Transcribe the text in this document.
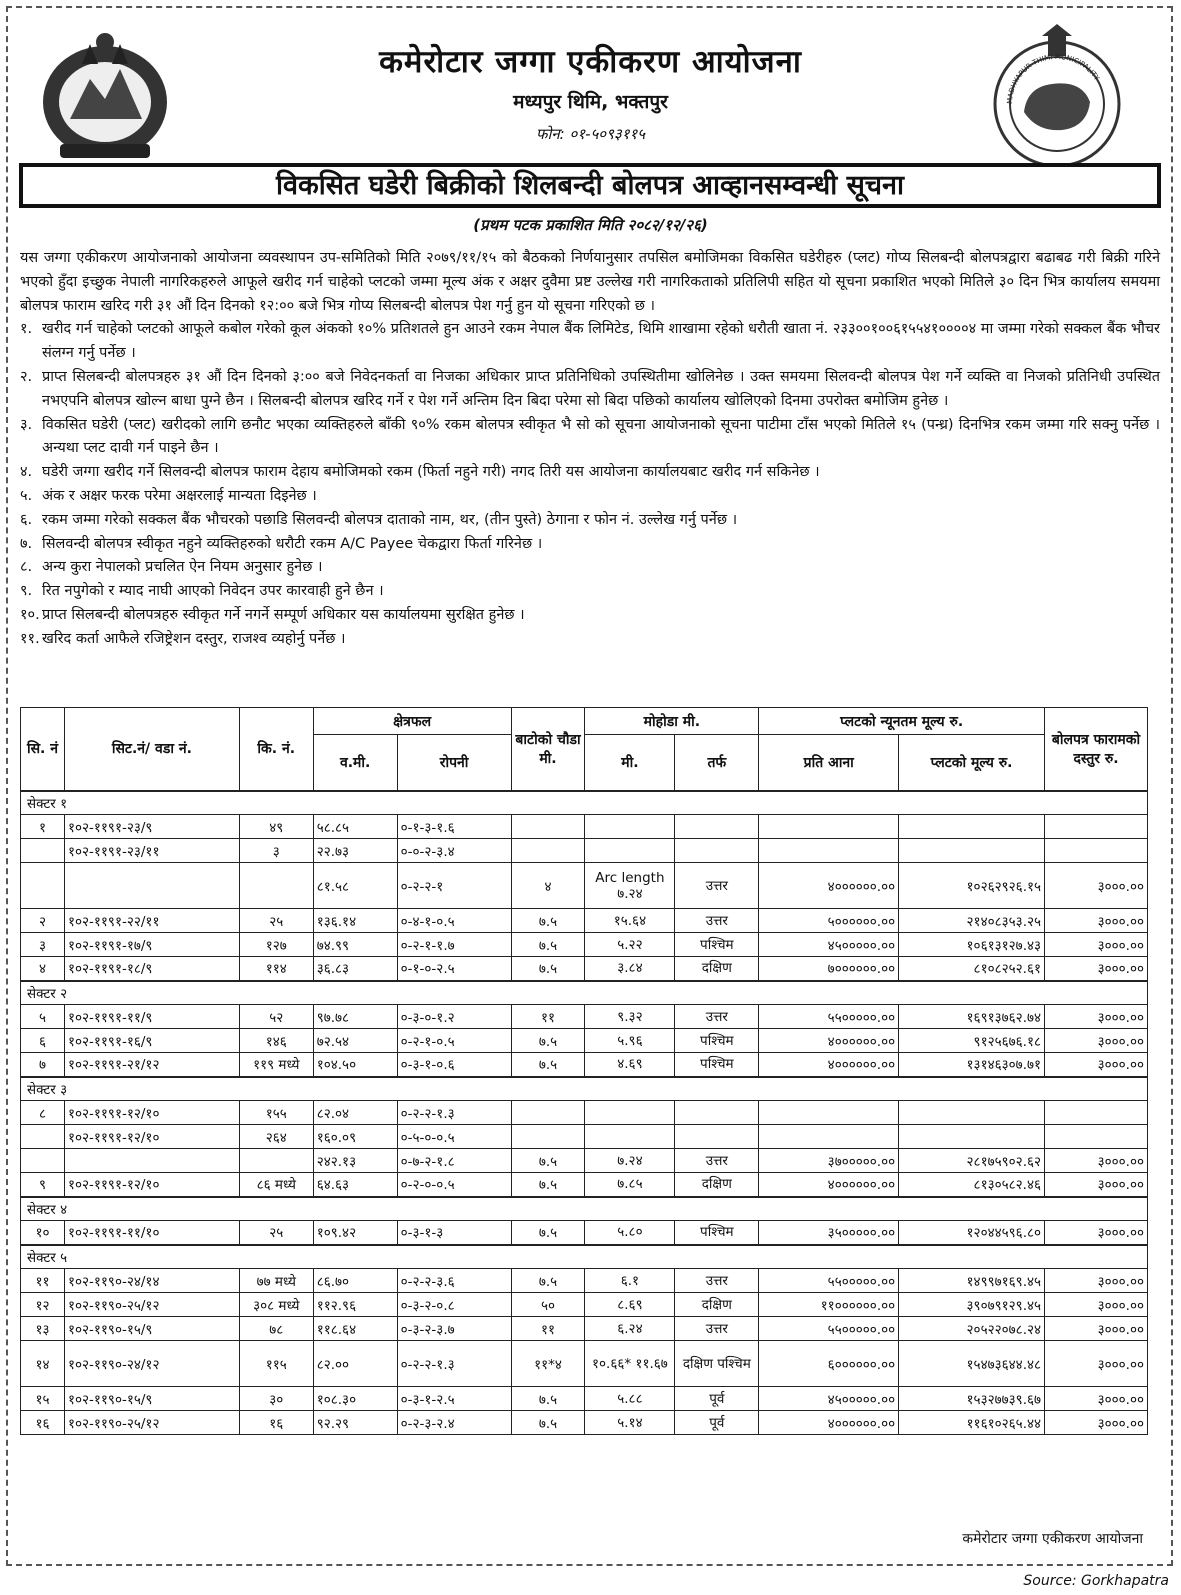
कमेरोटार जग्गा एकीकरण आयोजना
मध्यपुर थिमि, भक्तपुर
फोन: ०१-५०९३११५
MADHYAPUR THIMI MUNICIPALITY
विकसित घडेरी बिक्रीको शिलबन्दी बोलपत्र आव्हानसम्वन्धी सूचना
(प्रथम पटक प्रकाशित मिति २०८२/१२/२६)

यस जग्गा एकीकरण आयोजनाको आयोजना व्यवस्थापन उप-समितिको मिति २०७९/११/१५ को बैठकको निर्णयानुसार तपसिल बमोजिमका विकसित घडेरीहरु (प्लट) गोप्य सिलबन्दी बोलपत्रद्वारा बढाबढ गरी बिक्री गरिने भएको हुँदा इच्छुक नेपाली नागरिकहरुले आफूले खरीद गर्न चाहेको प्लटको जम्मा मूल्य अंक र अक्षर दुवैमा प्रष्ट उल्लेख गरी नागरिकताको प्रतिलिपी सहित यो सूचना प्रकाशित भएको मितिले ३० दिन भित्र कार्यालय समयमा बोलपत्र फाराम खरिद गरी ३१ औं दिन दिनको १२:०० बजे भित्र गोप्य सिलबन्दी बोलपत्र पेश गर्नु हुन यो सूचना गरिएको छ ।

१. खरीद गर्न चाहेको प्लटको आफूले कबोल गरेको कूल अंकको १०% प्रतिशतले हुन आउने रकम नेपाल बैंक लिमिटेड, थिमि शाखामा रहेको धरौती खाता नं. २३३००१००६१५५४१००००४ मा जम्मा गरेको सक्कल बैंक भौचर संलग्न गर्नु पर्नेछ ।
२. प्राप्त सिलबन्दी बोलपत्रहरु ३१ औं दिन दिनको ३:०० बजे निवेदनकर्ता वा निजका अधिकार प्राप्त प्रतिनिधिको उपस्थितीमा खोलिनेछ । उक्त समयमा सिलवन्दी बोलपत्र पेश गर्ने व्यक्ति वा निजको प्रतिनिधी उपस्थित नभएपनि बोलपत्र खोल्न बाधा पुग्ने छैन । सिलबन्दी बोलपत्र खरिद गर्ने र पेश गर्ने अन्तिम दिन बिदा परेमा सो बिदा पछिको कार्यालय खोलिएको दिनमा उपरोक्त बमोजिम हुनेछ ।
३. विकसित घडेरी (प्लट) खरीदको लागि छनौट भएका व्यक्तिहरुले बाँकी ९०% रकम बोलपत्र स्वीकृत भै सो को सूचना आयोजनाको सूचना पाटीमा टाँस भएको मितिले १५ (पन्ध्र) दिनभित्र रकम जम्मा गरि सक्नु पर्नेछ । अन्यथा प्लट दावी गर्न पाइने छैन ।
४. घडेरी जग्गा खरीद गर्ने सिलवन्दी बोलपत्र फाराम देहाय बमोजिमको रकम (फिर्ता नहुने गरी) नगद तिरी यस आयोजना कार्यालयबाट खरीद गर्न सकिनेछ ।
५. अंक र अक्षर फरक परेमा अक्षरलाई मान्यता दिइनेछ ।
६. रकम जम्मा गरेको सक्कल बैंक भौचरको पछाडि सिलवन्दी बोलपत्र दाताको नाम, थर, (तीन पुस्ते) ठेगाना र फोन नं. उल्लेख गर्नु पर्नेछ ।
७. सिलवन्दी बोलपत्र स्वीकृत नहुने व्यक्तिहरुको धरौटी रकम A/C Payee चेकद्वारा फिर्ता गरिनेछ ।
८. अन्य कुरा नेपालको प्रचलित ऐन नियम अनुसार हुनेछ ।
९. रित नपुगेको र म्याद नाघी आएको निवेदन उपर कारवाही हुने छैन ।
१०. प्राप्त सिलबन्दी बोलपत्रहरु स्वीकृत गर्ने नगर्ने सम्पूर्ण अधिकार यस कार्यालयमा सुरक्षित हुनेछ ।
११. खरिद कर्ता आफैले रजिष्ट्रेशन दस्तुर, राजश्व व्यहोर्नु पर्नेछ ।
सि. नं	सिट.नं/ वडा नं.	कि. नं.	क्षेत्रफल		बाटोको चौडा मी.	मोहोडा मी.		प्लटको न्यूनतम मूल्य रु.		बोलपत्र फारामको दस्तुर रु.
			व.मी.	रोपनी		मी.	तर्फ	प्रति आना	प्लटको मूल्य रु.	
सेक्टर १										
१	१०२-११९१-२३/९	४९	५८.८५	०-१-३-१.६						
	१०२-११९१-२३/११	३	२२.७३	०-०-२-३.४						
			८१.५८	०-२-२-१	४	Arc length ७.२४	उत्तर	४००००००.००	१०२६२९२६.१५	३०००.००
२	१०२-११९१-२२/११	२५	१३६.१४	०-४-१-०.५	७.५	१५.६४	उत्तर	५००००००.००	२१४०८३५३.२५	३०००.००
३	१०२-११९१-१७/९	१२७	७४.९९	०-२-१-१.७	७.५	५.२२	पश्चिम	४५०००००.००	१०६१३१२७.४३	३०००.००
४	१०२-११९१-१८/९	११४	३६.८३	०-१-०-२.५	७.५	३.८४	दक्षिण	७००००००.००	८१०८२५२.६१	३०००.००
सेक्टर २										
५	१०२-११९१-११/९	५२	९७.७८	०-३-०-१.२	११	९.३२	उत्तर	५५०००००.००	१६९१३७६२.७४	३०००.००
६	१०२-११९१-१६/९	१४६	७२.५४	०-२-१-०.५	७.५	५.९६	पश्चिम	४००००००.००	९१२५६७६.१८	३०००.००
७	१०२-११९१-२१/१२	११९ मध्ये	१०४.५०	०-३-१-०.६	७.५	४.६९	पश्चिम	४००००००.००	१३१४६३०७.७१	३०००.००
सेक्टर ३										
८	१०२-११९१-१२/१०	१५५	८२.०४	०-२-२-१.३						
	१०२-११९१-१२/१०	२६४	१६०.०९	०-५-०-०.५						
			२४२.१३	०-७-२-१.८	७.५	७.२४	उत्तर	३७०००००.००	२८१७५९०२.६२	३०००.००
९	१०२-११९१-१२/१०	८६ मध्ये	६४.६३	०-२-०-०.५	७.५	७.८५	दक्षिण	४००००००.००	८१३०५८२.४६	३०००.००
सेक्टर ४										
१०	१०२-११९१-११/१०	२५	१०९.४२	०-३-१-३	७.५	५.८०	पश्चिम	३५०००००.००	१२०४४५९६.८०	३०००.००
सेक्टर ५										
११	१०२-११९०-२४/१४	७७ मध्ये	८६.७०	०-२-२-३.६	७.५	६.१	उत्तर	५५०००००.००	१४९९७१६९.४५	३०००.००
१२	१०२-११९०-२५/१२	३०८ मध्ये	११२.९६	०-३-२-०.८	५०	८.६९	दक्षिण	११००००००.००	३९०७९१२९.४५	३०००.००
१३	१०२-११९०-१५/९	७८	११८.६४	०-३-२-३.७	११	६.२४	उत्तर	५५०००००.००	२०५२२०७८.२४	३०००.००
१४	१०२-११९०-२४/१२	११५	८२.००	०-२-२-१.३	११*४	१०.६६* ११.६७	दक्षिण पश्चिम	६००००००.००	१५४७३६४४.४८	३०००.००
१५	१०२-११९०-१५/९	३०	१०८.३०	०-३-१-२.५	७.५	५.८८	पूर्व	४५०००००.००	१५३२७७३९.६७	३०००.००
१६	१०२-११९०-२५/१२	१६	९२.२९	०-२-३-२.४	७.५	५.१४	पूर्व	४००००००.००	११६१०२६५.४४	३०००.००
कमेरोटार जग्गा एकीकरण आयोजना
Source: Gorkhapatra
